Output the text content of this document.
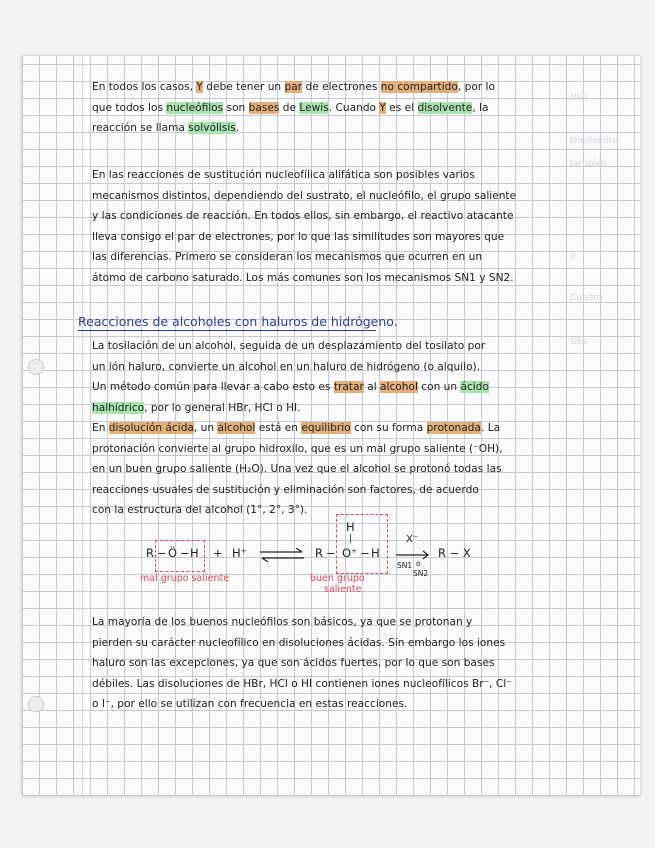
Utili
Disolvente
también
p
Cuadro
Obs
En todos los casos, Y debe tener un par de electrones no compartido, por lo
que todos los nucleófilos son bases de Lewis. Cuando Y es el disolvente, la
reacción se llama solvólisis.
En las reacciones de sustitución nucleofílica alifática son posibles varios
mecanismos distintos, dependiendo del sustrato, el nucleófilo, el grupo saliente
y las condiciones de reacción. En todos ellos, sin embargo, el reactivo atacante
lleva consigo el par de electrones, por lo que las similitudes son mayores que
las diferencias. Primero se consideran los mecanismos que ocurren en un
átomo de carbono saturado. Los más comunes son los mecanismos SN1 y SN2.
Reacciones de alcoholes con haluros de hidrógeno.
La tosilación de un alcohol, seguida de un desplazamiento del tosilato por
un ión haluro, convierte un alcohol en un haluro de hidrógeno (o alquilo).
Un método común para llevar a cabo esto es tratar al alcohol con un ácido
halhídrico, por lo general HBr, HCl o HI.
En disolución ácida, un alcohol está en equilibrio con su forma protonada. La
protonación convierte al grupo hidroxilo, que es un mal grupo saliente (⁻OH),
en un buen grupo saliente (H₂O). Una vez que el alcohol se protonó todas las
reacciones usuales de sustitución y eliminación son factores, de acuerdo
con la estructura del alcohol (1°, 2°, 3°).
R − Ö − H
mal grupo saliente
+ H⁺ ⇌ R −
H
|
O⁺ − H
buen grupo
saliente
X⁻
SN1 o
SN2
R − X
La mayoría de los buenos nucleófilos son básicos, ya que se protonan y
pierden su carácter nucleofílico en disoluciones ácidas. Sin embargo los iones
haluro son las excepciones, ya que son ácidos fuertes, por lo que son bases
débiles. Las disoluciones de HBr, HCl o HI contienen iones nucleofílicos Br⁻, Cl⁻
o I⁻, por ello se utilizan con frecuencia en estas reacciones.
